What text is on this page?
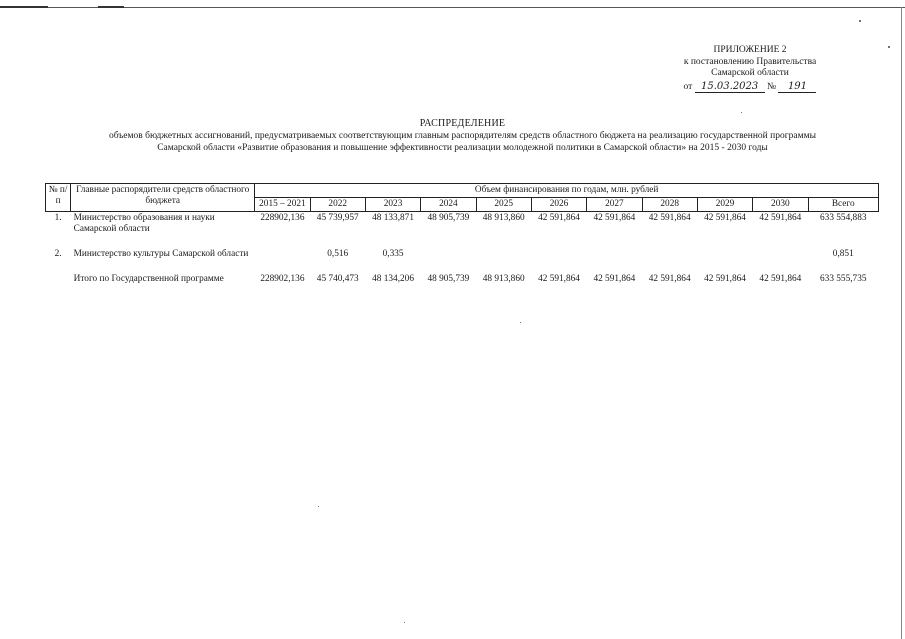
ПРИЛОЖЕНИЕ 2
к постановлению Правительства
Самарской области
от 15.03.2023 № 191
РАСПРЕДЕЛЕНИЕ
объемов бюджетных ассигнований, предусматриваемых соответствующим главным распорядителям средств областного бюджета на реализацию государственной программы
Самарской области «Развитие образования и повышение эффективности реализации молодежной политики в Самарской области» на 2015 - 2030 годы
№ п/п	Главные распорядители средств областного бюджета	Объем финансирования по годам, млн. рублей										
		2015 – 2021	2022	2023	2024	2025	2026	2027	2028	2029	2030	Всего
1.	Министерство образования и науки Самарской области	228902,136	45 739,957	48 133,871	48 905,739	48 913,860	42 591,864	42 591,864	42 591,864	42 591,864	42 591,864	633 554,883

2.	Министерство культуры Самарской области		0,516	0,335								0,851

	Итого по Государственной программе	228902,136	45 740,473	48 134,206	48 905,739	48 913,860	42 591,864	42 591,864	42 591,864	42 591,864	42 591,864	633 555,735
